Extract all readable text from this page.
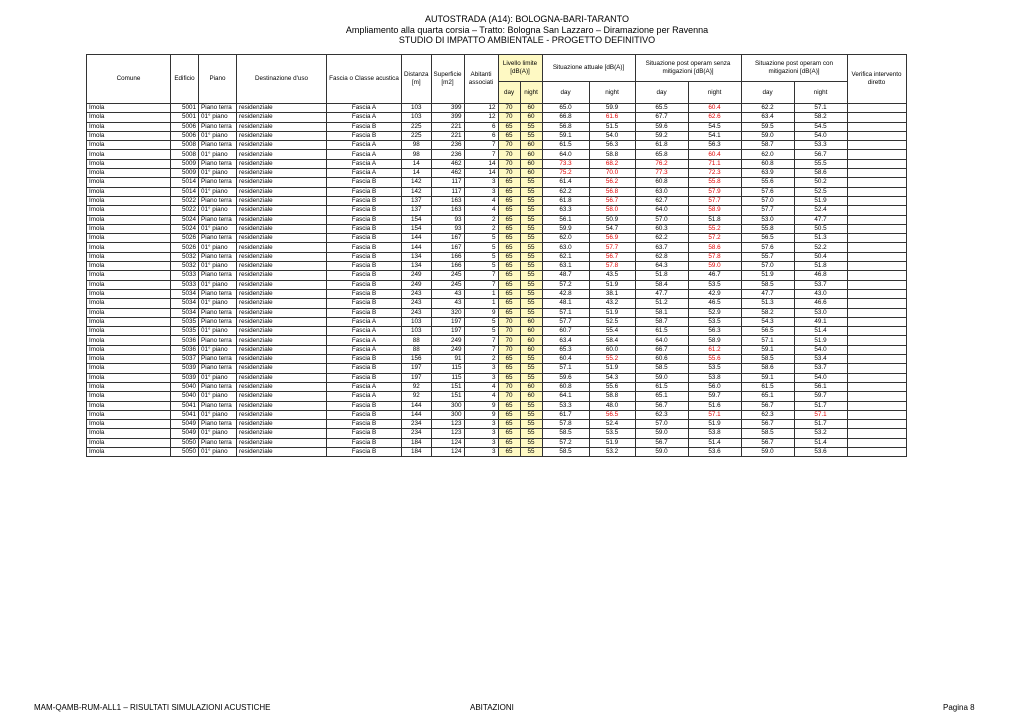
AUTOSTRADA (A14): BOLOGNA-BARI-TARANTO
Ampliamento alla quarta corsia – Tratto: Bologna San Lazzaro – Diramazione per Ravenna
STUDIO DI IMPATTO AMBIENTALE - PROGETTO DEFINITIVO
Comune	Edificio	Piano	Destinazione d'uso	Fascia o Classe acustica	Distanza [m]	Superficie [m2]	Abitanti associati	Livello limite [dB(A)]		Situazione attuale [dB(A)]		Situazione post operam senza mitigazioni [dB(A)]		Situazione post operam con mitigazioni [dB(A)]		Verifica intervento diretto
								day	night	day	night	day	night	day	night	
Imola	5001	Piano terra	residenziale	Fascia A	103	399	12	70	60	65.0	59.9	65.5	60.4	62.2	57.1	
Imola	5001	01° piano	residenziale	Fascia A	103	399	12	70	60	66.8	61.6	67.7	62.6	63.4	58.2	
Imola	5006	Piano terra	residenziale	Fascia B	225	221	6	65	55	56.8	51.5	59.6	54.5	59.5	54.5	
Imola	5006	01° piano	residenziale	Fascia B	225	221	6	65	55	59.1	54.0	59.2	54.1	59.0	54.0	
Imola	5008	Piano terra	residenziale	Fascia A	98	236	7	70	60	61.5	56.3	61.8	56.3	58.7	53.3	
Imola	5008	01° piano	residenziale	Fascia A	98	236	7	70	60	64.0	58.8	65.8	60.4	62.0	56.7	
Imola	5009	Piano terra	residenziale	Fascia A	14	462	14	70	60	73.3	68.2	76.2	71.1	60.8	55.5	
Imola	5009	01° piano	residenziale	Fascia A	14	462	14	70	60	75.2	70.0	77.3	72.3	63.9	58.6	
Imola	5014	Piano terra	residenziale	Fascia B	142	117	3	65	55	61.4	56.2	60.8	55.8	55.6	50.2	
Imola	5014	01° piano	residenziale	Fascia B	142	117	3	65	55	62.2	56.8	63.0	57.9	57.6	52.5	
Imola	5022	Piano terra	residenziale	Fascia B	137	163	4	65	55	61.8	56.7	62.7	57.7	57.0	51.9	
Imola	5022	01° piano	residenziale	Fascia B	137	163	4	65	55	63.3	58.0	64.0	58.9	57.7	52.4	
Imola	5024	Piano terra	residenziale	Fascia B	154	93	2	65	55	56.1	50.9	57.0	51.8	53.0	47.7	
Imola	5024	01° piano	residenziale	Fascia B	154	93	2	65	55	59.9	54.7	60.3	55.2	55.8	50.5	
Imola	5026	Piano terra	residenziale	Fascia B	144	167	5	65	55	62.0	56.9	62.2	57.2	56.5	51.3	
Imola	5026	01° piano	residenziale	Fascia B	144	167	5	65	55	63.0	57.7	63.7	58.6	57.6	52.2	
Imola	5032	Piano terra	residenziale	Fascia B	134	166	5	65	55	62.1	56.7	62.8	57.8	55.7	50.4	
Imola	5032	01° piano	residenziale	Fascia B	134	166	5	65	55	63.1	57.8	64.3	59.0	57.0	51.8	
Imola	5033	Piano terra	residenziale	Fascia B	249	245	7	65	55	48.7	43.5	51.8	46.7	51.9	46.8	
Imola	5033	01° piano	residenziale	Fascia B	249	245	7	65	55	57.2	51.9	58.4	53.5	58.5	53.7	
Imola	5034	Piano terra	residenziale	Fascia B	243	43	1	65	55	42.8	38.1	47.7	42.9	47.7	43.0	
Imola	5034	01° piano	residenziale	Fascia B	243	43	1	65	55	48.1	43.2	51.2	46.5	51.3	46.6	
Imola	5034	Piano terra	residenziale	Fascia B	243	320	9	65	55	57.1	51.9	58.1	52.9	58.2	53.0	
Imola	5035	Piano terra	residenziale	Fascia A	103	197	5	70	60	57.7	52.5	58.7	53.5	54.3	49.1	
Imola	5035	01° piano	residenziale	Fascia A	103	197	5	70	60	60.7	55.4	61.5	56.3	56.5	51.4	
Imola	5036	Piano terra	residenziale	Fascia A	88	249	7	70	60	63.4	58.4	64.0	58.9	57.1	51.9	
Imola	5036	01° piano	residenziale	Fascia A	88	249	7	70	60	65.3	60.0	66.7	61.2	59.1	54.0	
Imola	5037	Piano terra	residenziale	Fascia B	156	91	2	65	55	60.4	55.2	60.6	55.6	58.5	53.4	
Imola	5039	Piano terra	residenziale	Fascia B	197	115	3	65	55	57.1	51.9	58.5	53.5	58.6	53.7	
Imola	5039	01° piano	residenziale	Fascia B	197	115	3	65	55	59.6	54.3	59.0	53.8	59.1	54.0	
Imola	5040	Piano terra	residenziale	Fascia A	92	151	4	70	60	60.8	55.6	61.5	56.0	61.5	56.1	
Imola	5040	01° piano	residenziale	Fascia A	92	151	4	70	60	64.1	58.8	65.1	59.7	65.1	59.7	
Imola	5041	Piano terra	residenziale	Fascia B	144	300	9	65	55	53.3	48.0	56.7	51.6	56.7	51.7	
Imola	5041	01° piano	residenziale	Fascia B	144	300	9	65	55	61.7	56.5	62.3	57.1	62.3	57.1	
Imola	5049	Piano terra	residenziale	Fascia B	234	123	3	65	55	57.8	52.4	57.0	51.9	56.7	51.7	
Imola	5049	01° piano	residenziale	Fascia B	234	123	3	65	55	58.5	53.5	59.0	53.8	58.5	53.2	
Imola	5050	Piano terra	residenziale	Fascia B	184	124	3	65	55	57.2	51.9	56.7	51.4	56.7	51.4	
Imola	5050	01° piano	residenziale	Fascia B	184	124	3	65	55	58.5	53.2	59.0	53.6	59.0	53.6	
MAM-QAMB-RUM-ALL1 – RISULTATI SIMULAZIONI ACUSTICHE	ABITAZIONI	Pagina 8
